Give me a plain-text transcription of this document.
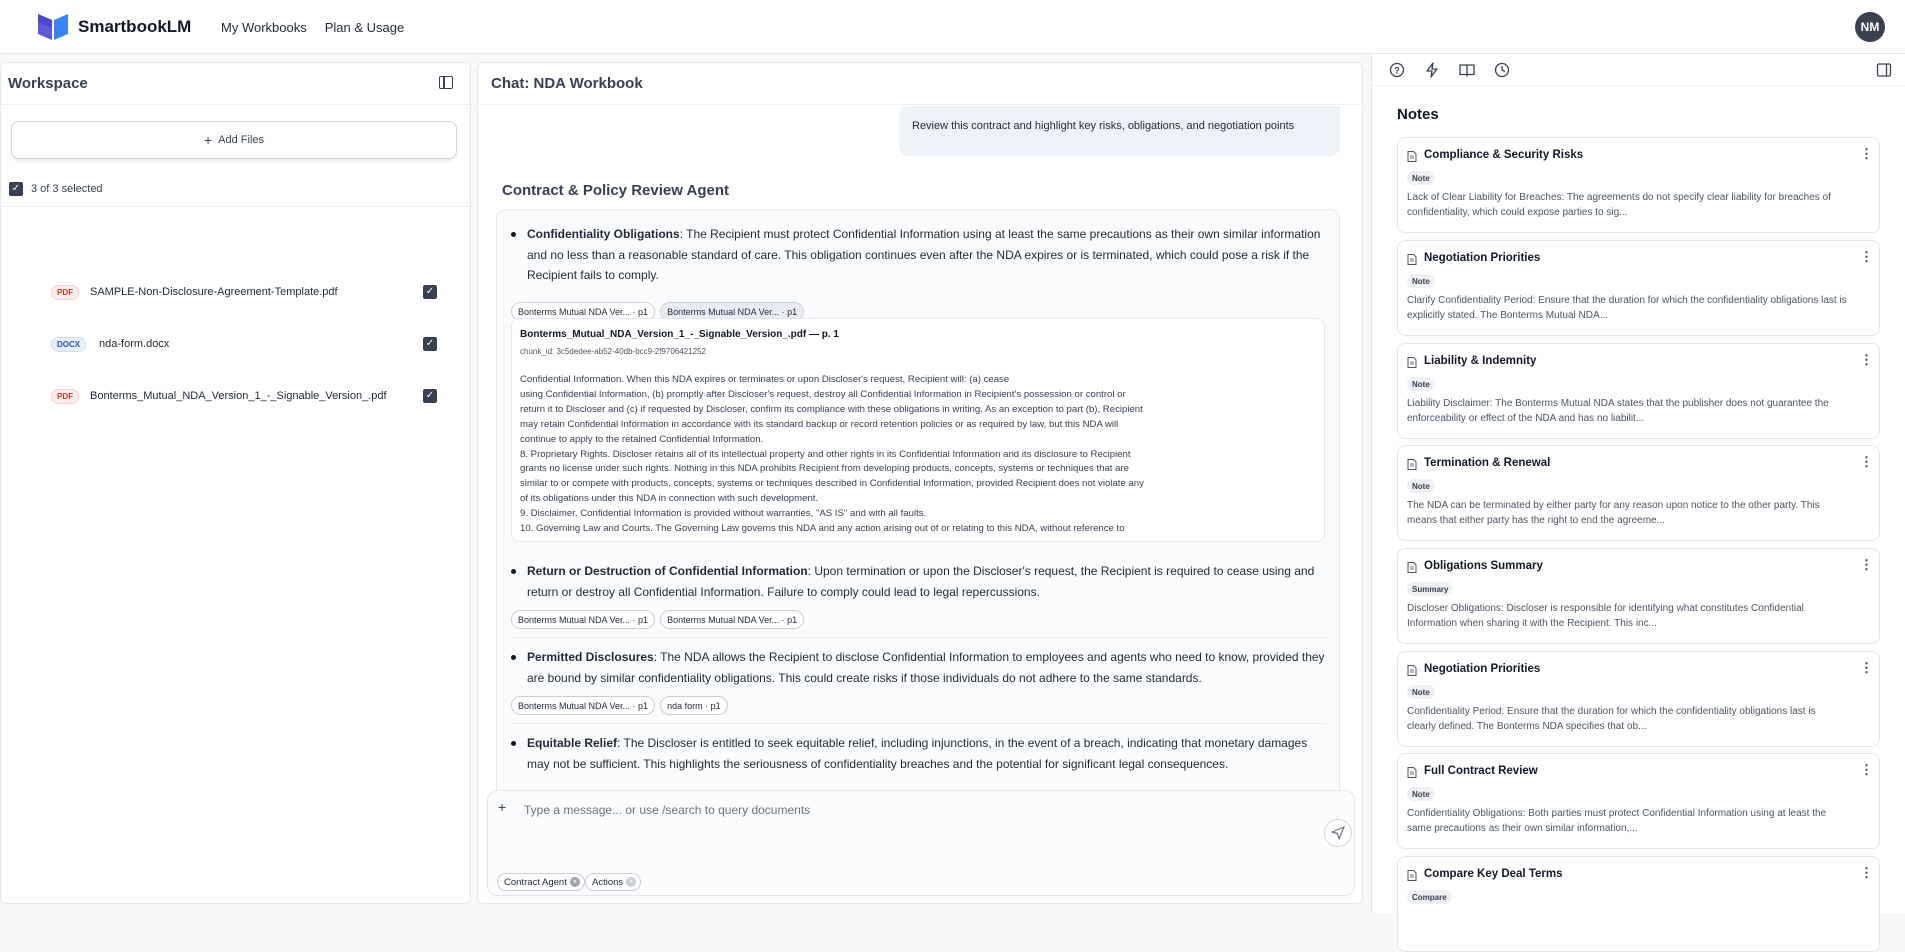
SmartbookLM My Workbooks Plan & Usage	NM
Workspace
+ Add Files
✓ 3 of 3 selected
PDF	SAMPLE-Non-Disclosure-Agreement-Template.pdf	✓
DOCX	nda-form.docx	✓
PDF	Bonterms_Mutual_NDA_Version_1_-_Signable_Version_.pdf	✓
Chat: NDA Workbook
Review this contract and highlight key risks, obligations, and negotiation points
Contract & Policy Review Agent

Confidentiality Obligations: The Recipient must protect Confidential Information using at least the same precautions as their own similar information and no less than a reasonable standard of care. This obligation continues even after the NDA expires or is terminated, which could pose a risk if the Recipient fails to comply.

Bonterms Mutual NDA Ver... · p1	Bonterms Mutual NDA Ver... · p1
Bonterms_Mutual_NDA_Version_1_-_Signable_Version_.pdf — p. 1
chunk_id: 3c5dedee-ab52-40db-bcc9-2f9706421252
Confidential Information. When this NDA expires or terminates or upon Discloser's request, Recipient will: (a) cease
using Confidential Information, (b) promptly after Discloser's request, destroy all Confidential Information in Recipient's possession or control or
return it to Discloser and (c) if requested by Discloser, confirm its compliance with these obligations in writing. As an exception to part (b), Recipient
may retain Confidential Information in accordance with its standard backup or record retention policies or as required by law, but this NDA will
continue to apply to the retained Confidential Information.
8. Proprietary Rights. Discloser retains all of its intellectual property and other rights in its Confidential Information and its disclosure to Recipient
grants no license under such rights. Nothing in this NDA prohibits Recipient from developing products, concepts, systems or techniques that are
similar to or compete with products, concepts, systems or techniques described in Confidential Information, provided Recipient does not violate any
of its obligations under this NDA in connection with such development.
9. Disclaimer. Confidential Information is provided without warranties, "AS IS" and with all faults.
10. Governing Law and Courts. The Governing Law governs this NDA and any action arising out of or relating to this NDA, without reference to

Return or Destruction of Confidential Information: Upon termination or upon the Discloser's request, the Recipient is required to cease using and return or destroy all Confidential Information. Failure to comply could lead to legal repercussions.

Bonterms Mutual NDA Ver... · p1	Bonterms Mutual NDA Ver... · p1

Permitted Disclosures: The NDA allows the Recipient to disclose Confidential Information to employees and agents who need to know, provided they are bound by similar confidentiality obligations. This could create risks if those individuals do not adhere to the same standards.

Bonterms Mutual NDA Ver... · p1	nda form · p1

Equitable Relief: The Discloser is entitled to seek equitable relief, including injunctions, in the event of a breach, indicating that monetary damages may not be sufficient. This highlights the seriousness of confidentiality breaches and the potential for significant legal consequences.

+ Type a message... or use /search to query documents
Contract Agent × Actions ×
?
Notes
Compliance & Security Risks	⋮
Note
Lack of Clear Liability for Breaches: The agreements do not specify clear liability for breaches of confidentiality, which could expose parties to sig...
Negotiation Priorities	⋮
Note
Clarify Confidentiality Period: Ensure that the duration for which the confidentiality obligations last is explicitly stated. The Bonterms Mutual NDA...
Liability & Indemnity	⋮
Note
Liability Disclaimer: The Bonterms Mutual NDA states that the publisher does not guarantee the enforceability or effect of the NDA and has no liabilit...
Termination & Renewal	⋮
Note
The NDA can be terminated by either party for any reason upon notice to the other party. This means that either party has the right to end the agreeme...
Obligations Summary	⋮
Summary
Discloser Obligations: Discloser is responsible for identifying what constitutes Confidential Information when sharing it with the Recipient. This inc...
Negotiation Priorities	⋮
Note
Confidentiality Period: Ensure that the duration for which the confidentiality obligations last is clearly defined. The Bonterms NDA specifies that ob...
Full Contract Review	⋮
Note
Confidentiality Obligations: Both parties must protect Confidential Information using at least the same precautions as their own similar information,...
Compare Key Deal Terms	⋮
Compare
